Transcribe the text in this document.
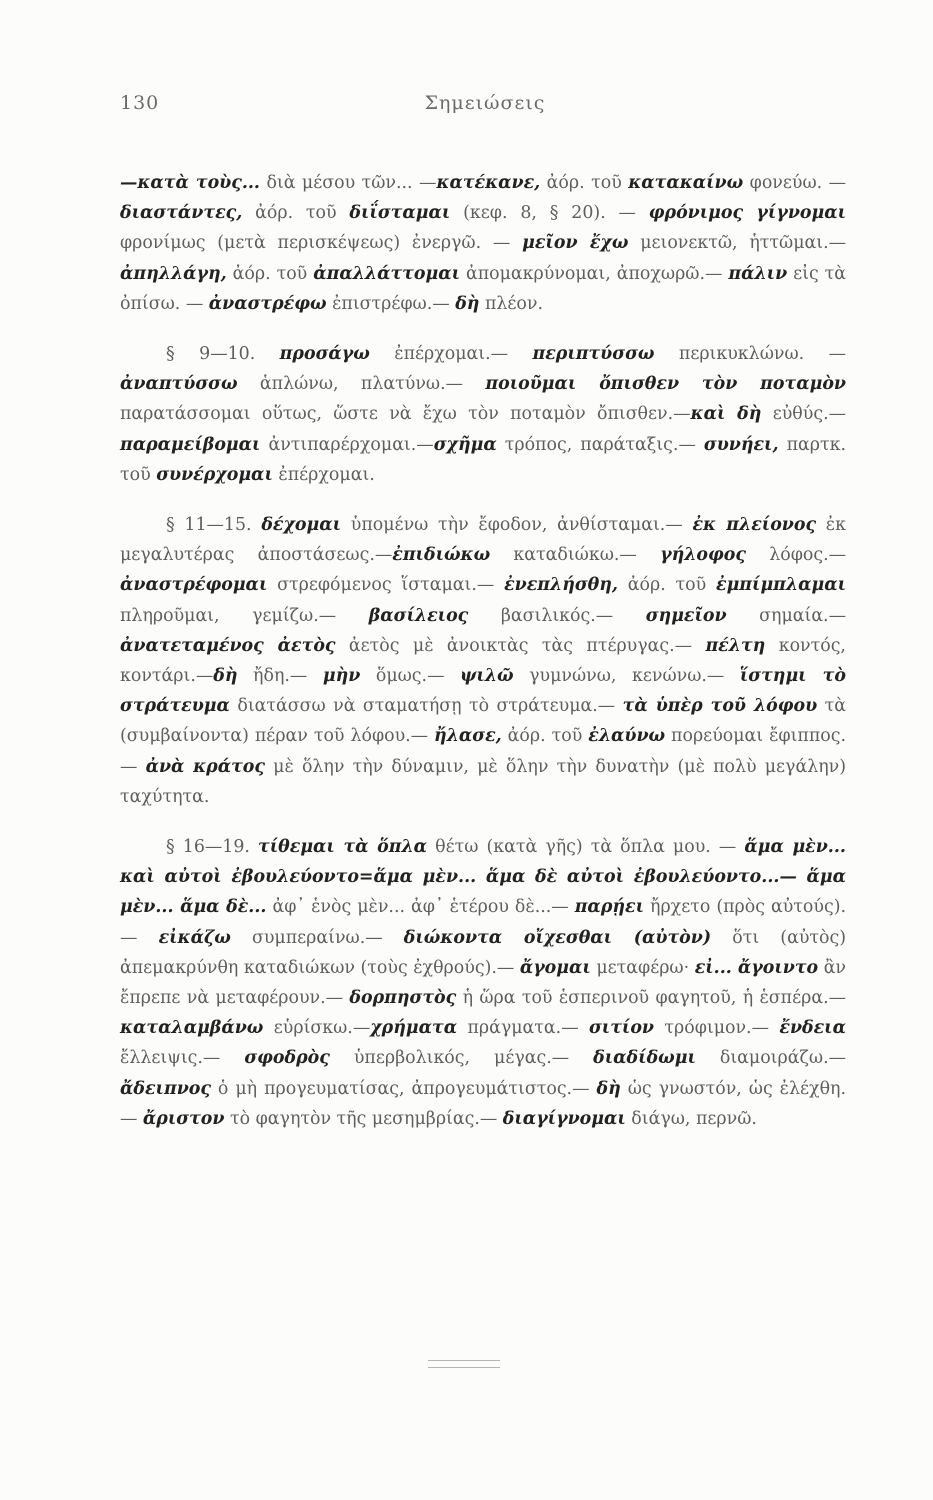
130	Σημειώσεις

—κατὰ τοὺς... διὰ μέσου τῶν... —κατέκανε, ἀόρ. τοῦ κατακαίνω φονεύω. — διαστάντες, ἀόρ. τοῦ διΐσταμαι (κεφ. 8, § 20). — φρόνιμος γίγνομαι φρονίμως (μετὰ περισκέψεως) ἐνεργῶ. — μεῖον ἔχω μειονεκτῶ, ἡττῶμαι.— ἀπηλλάγη, ἀόρ. τοῦ ἀπαλλάττομαι ἀπομακρύνομαι, ἀποχωρῶ.— πάλιν εἰς τὰ ὀπίσω. — ἀναστρέφω ἐπιστρέφω.— δὴ πλέον.

§ 9—10. προσάγω ἐπέρχομαι.— περιπτύσσω περικυκλώνω. — ἀναπτύσσω ἁπλώνω, πλατύνω.— ποιοῦμαι ὄπισθεν τὸν ποταμὸν παρατάσσομαι οὕτως, ὥστε νὰ ἔχω τὸν ποταμὸν ὄπισθεν.—καὶ δὴ εὐθύς.—παραμείβομαι ἀντιπαρέρχομαι.—σχῆμα τρόπος, παράταξις.— συνήει, παρτκ. τοῦ συνέρχομαι ἐπέρχομαι.

§ 11—15. δέχομαι ὑπομένω τὴν ἔφοδον, ἀνθίσταμαι.— ἐκ πλείονος ἐκ μεγαλυτέρας ἀποστάσεως.—ἐπιδιώκω καταδιώκω.— γήλοφος λόφος.— ἀναστρέφομαι στρεφόμενος ἵσταμαι.— ἐνεπλήσθη, ἀόρ. τοῦ ἐμπίμπλαμαι πληροῦμαι, γεμίζω.— βασίλειος βασιλικός.— σημεῖον σημαία.— ἀνατεταμένος ἀετὸς ἀετὸς μὲ ἀνοικτὰς τὰς πτέρυγας.— πέλτη κοντός, κοντάρι.—δὴ ἤδη.— μὴν ὅμως.— ψιλῶ γυμνώνω, κενώνω.— ἵστημι τὸ στράτευμα διατάσσω νὰ σταματήσῃ τὸ στράτευμα.— τὰ ὑπὲρ τοῦ λόφου τὰ (συμβαίνοντα) πέραν τοῦ λόφου.— ἤλασε, ἀόρ. τοῦ ἐλαύνω πορεύομαι ἔφιππος.— ἀνὰ κράτος μὲ ὅλην τὴν δύναμιν, μὲ ὅλην τὴν δυνατὴν (μὲ πολὺ μεγάλην) ταχύτητα.

§ 16—19. τίθεμαι τὰ ὅπλα θέτω (κατὰ γῆς) τὰ ὅπλα μου. — ἅμα μὲν... καὶ αὐτοὶ ἐβουλεύοντο=ἅμα μὲν... ἅμα δὲ αὐτοὶ ἐβουλεύοντο...— ἅμα μὲν... ἅμα δὲ... ἀφ᾽ ἑνὸς μὲν... ἀφ᾽ ἑτέρου δὲ...— παρῄει ἤρχετο (πρὸς αὐτούς).— εἰκάζω συμπεραίνω.— διώκοντα οἴχεσθαι (αὐτὸν) ὅτι (αὐτὸς) ἀπεμακρύνθη καταδιώκων (τοὺς ἐχθρούς).— ἄγομαι μεταφέρω· εἰ... ἄγοιντο ἂν ἔπρεπε νὰ μεταφέρουν.— δορπηστὸς ἡ ὥρα τοῦ ἑσπερινοῦ φαγητοῦ, ἡ ἑσπέρα.— καταλαμβάνω εὑρίσκω.—χρήματα πράγματα.— σιτίον τρόφιμον.— ἔνδεια ἔλλειψις.— σφοδρὸς ὑπερβολικός, μέγας.— διαδίδωμι διαμοιράζω.— ἄδειπνος ὁ μὴ προγευματίσας, ἀπρογευμάτιστος.— δὴ ὡς γνωστόν, ὡς ἐλέχθη.— ἄριστον τὸ φαγητὸν τῆς μεσημβρίας.— διαγίγνομαι διάγω, περνῶ.
